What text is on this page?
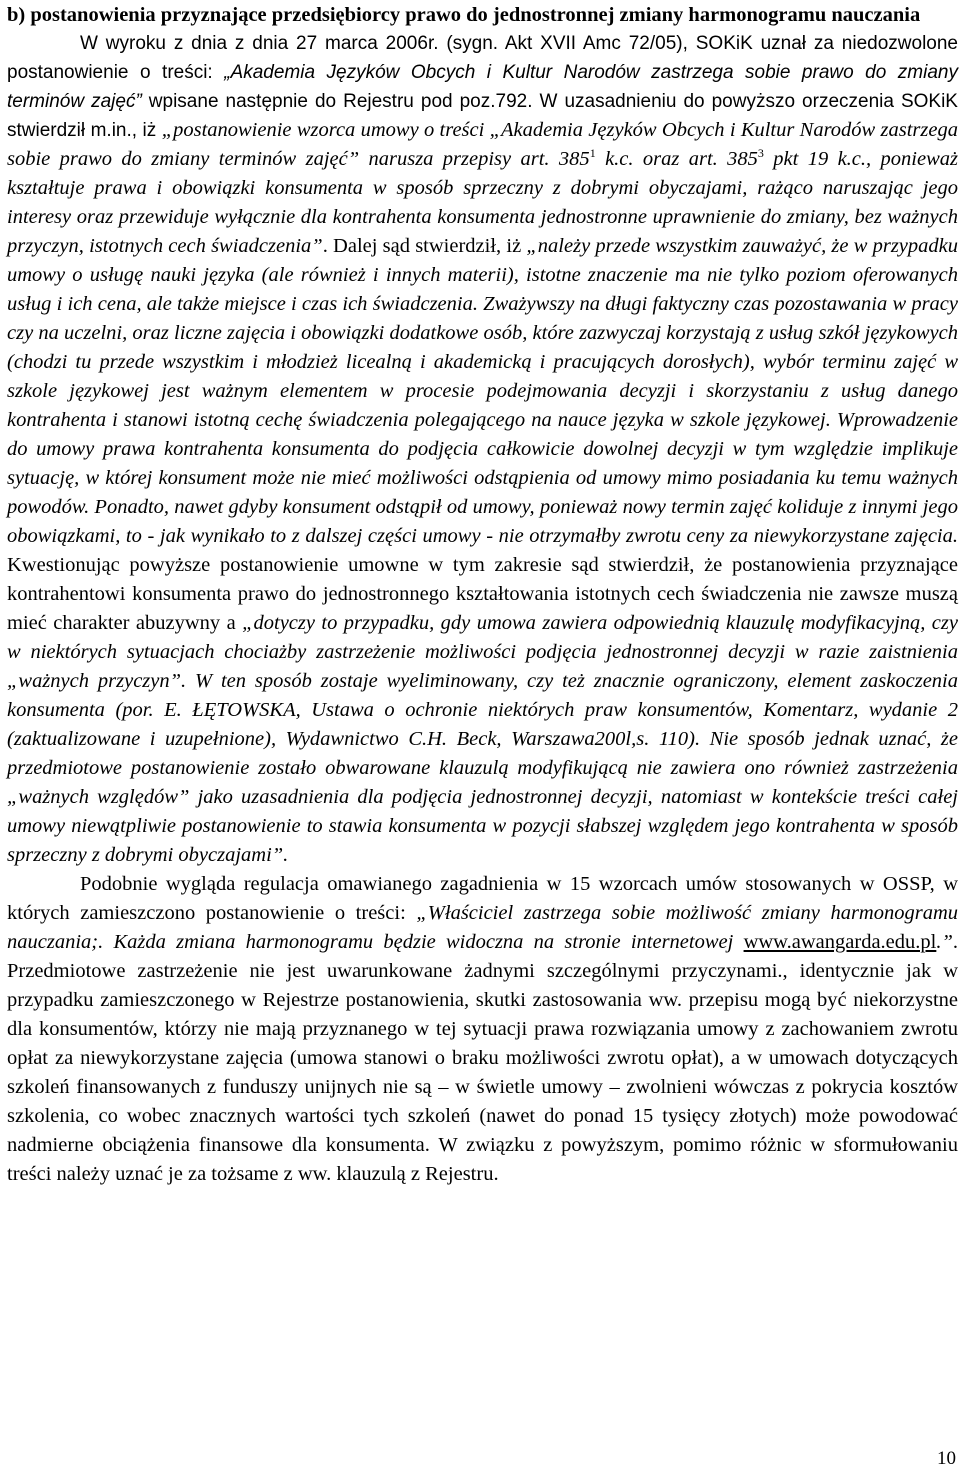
b) postanowienia przyznające przedsiębiorcy prawo do jednostronnej zmiany harmonogramu nauczania

W wyroku z dnia z dnia 27 marca 2006r. (sygn. Akt XVII Amc 72/05), SOKiK uznał za niedozwolone postanowienie o treści: „Akademia Języków Obcych i Kultur Narodów zastrzega sobie prawo do zmiany terminów zajęć” wpisane następnie do Rejestru pod poz.792. W uzasadnieniu do powyższo orzeczenia SOKiK stwierdził m.in., iż „postanowienie wzorca umowy o treści „Akademia Języków Obcych i Kultur Narodów zastrzega sobie prawo do zmiany terminów zajęć” narusza przepisy art. $385^1$ k.c. oraz art. $385^3$ pkt 19 k.c., ponieważ kształtuje prawa i obowiązki konsumenta w sposób sprzeczny z dobrymi obyczajami, rażąco naruszając jego interesy oraz przewiduje wyłącznie dla kontrahenta konsumenta jednostronne uprawnienie do zmiany, bez ważnych przyczyn, istotnych cech świadczenia”. Dalej sąd stwierdził, iż „należy przede wszystkim zauważyć, że w przypadku umowy o usługę nauki języka (ale również i innych materii), istotne znaczenie ma nie tylko poziom oferowanych usług i ich cena, ale także miejsce i czas ich świadczenia. Zważywszy na długi faktyczny czas pozostawania w pracy czy na uczelni, oraz liczne zajęcia i obowiązki dodatkowe osób, które zazwyczaj korzystają z usług szkół językowych (chodzi tu przede wszystkim i młodzież licealną i akademicką i pracujących dorosłych), wybór terminu zajęć w szkole językowej jest ważnym elementem w procesie podejmowania decyzji i skorzystaniu z usług danego kontrahenta i stanowi istotną cechę świadczenia polegającego na nauce języka w szkole językowej. Wprowadzenie do umowy prawa kontrahenta konsumenta do podjęcia całkowicie dowolnej decyzji w tym względzie implikuje sytuację, w której konsument może nie mieć możliwości odstąpienia od umowy mimo posiadania ku temu ważnych powodów. Ponadto, nawet gdyby konsument odstąpił od umowy, ponieważ nowy termin zajęć koliduje z innymi jego obowiązkami, to - jak wynikało to z dalszej części umowy - nie otrzymałby zwrotu ceny za niewykorzystane zajęcia. Kwestionując powyższe postanowienie umowne w tym zakresie sąd stwierdził, że postanowienia przyznające kontrahentowi konsumenta prawo do jednostronnego kształtowania istotnych cech świadczenia nie zawsze muszą mieć charakter abuzywny a „dotyczy to przypadku, gdy umowa zawiera odpowiednią klauzulę modyfikacyjną, czy w niektórych sytuacjach chociażby zastrzeżenie możliwości podjęcia jednostronnej decyzji w razie zaistnienia „ważnych przyczyn”. W ten sposób zostaje wyeliminowany, czy też znacznie ograniczony, element zaskoczenia konsumenta (por. E. ŁĘTOWSKA, Ustawa o ochronie niektórych praw konsumentów, Komentarz, wydanie 2 (zaktualizowane i uzupełnione), Wydawnictwo C.H. Beck, Warszawa200l,s. 110). Nie sposób jednak uznać, że przedmiotowe postanowienie zostało obwarowane klauzulą modyfikującą nie zawiera ono również zastrzeżenia „ważnych względów” jako uzasadnienia dla podjęcia jednostronnej decyzji, natomiast w kontekście treści całej umowy niewątpliwie postanowienie to stawia konsumenta w pozycji słabszej względem jego kontrahenta w sposób sprzeczny z dobrymi obyczajami”.

Podobnie wygląda regulacja omawianego zagadnienia w 15 wzorcach umów stosowanych w OSSP, w których zamieszczono postanowienie o treści: „Właściciel zastrzega sobie możliwość zmiany harmonogramu nauczania;. Każda zmiana harmonogramu będzie widoczna na stronie internetowej www.awangarda.edu.pl.”. Przedmiotowe zastrzeżenie nie jest uwarunkowane żadnymi szczególnymi przyczynami., identycznie jak w przypadku zamieszczonego w Rejestrze postanowienia, skutki zastosowania ww. przepisu mogą być niekorzystne dla konsumentów, którzy nie mają przyznanego w tej sytuacji prawa rozwiązania umowy z zachowaniem zwrotu opłat za niewykorzystane zajęcia (umowa stanowi o braku możliwości zwrotu opłat), a w umowach dotyczących szkoleń finansowanych z funduszy unijnych nie są – w świetle umowy – zwolnieni wówczas z pokrycia kosztów szkolenia, co wobec znacznych wartości tych szkoleń (nawet do ponad 15 tysięcy złotych) może powodować nadmierne obciążenia finansowe dla konsumenta. W związku z powyższym, pomimo różnic w sformułowaniu treści należy uznać je za tożsame z ww. klauzulą z Rejestru.

10
